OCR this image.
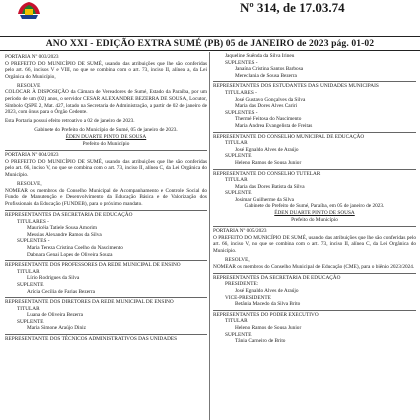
Nº 314, de 17.03.74
ANO XXI - EDIÇÃO EXTRA SUMÉ (PB) 05 de JANEIRO de 2023 pág. 01-02
PORTARIA Nº 003/2023
O PREFEITO DO MUNICÍPIO DE SUMÉ, usando das atribuições que lhe são conferidas pelo art. 66, incisos V e VIII, no que se combina com o art. 73, inciso II, alínea a, da Lei Orgânica do Município,
RESOLVE
COLOCAR À DISPOSIÇÃO da Câmara de Vereadores de Sumé, Estado da Paraíba, por um período de um (02) anos, o servidor CESAR ALEXANDRE BEZERRA DE SOUSA, Locutor, Símbolo QSPE 2, Mat. 427, lotado na Secretaria de Administração, a partir de 02 de janeiro de 2023, com ônus para o Órgão Cedente.
Esta Portaria possui efeito retroativo a 02 de janeiro de 2023.
Gabinete do Prefeito do Município de Sumé, 05 de janeiro de 2023.
ÉDEN DUARTE PINTO DE SOUSA
Prefeito do Município
PORTARIA Nº 004/2023
O PREFEITO DO MUNICÍPIO DE SUMÉ, usando das atribuições que lhe são conferidas pelo art. 66, inciso V, no que se combina com o art. 73, inciso II, alínea C, da Lei Orgânica do Município.
RESOLVE,
NOMEAR os membros do Conselho Municipal de Acompanhamento e Controle Social do Fundo de Manutenção e Desenvolvimento da Educação Básica e de Valorização dos Profissionais da Educação (FUNDEB), para o próximo mandato.
REPRESENTANTES DA SECRETARIA DE EDUCAÇÃO
TITULARES -
Mauricéia Tatiele Sousa Amorim
Messias Alexandre Ramos da Silva
SUPLENTES -
Maria Tereza Cristina Coelho do Nascimento
Dabnara Genai Lopes de Oliveira Souza
REPRESENTANTE DOS PROFESSORES DA REDE MUNICIPAL DE ENSINO
TITULAR
Lírio Rodrigues da Silva
SUPLENTE
Arícia Cecília de Farias Bezerra
REPRESENTANTE DOS DIRETORES DA REDE MUNICIPAL DE ENSINO
TITULAR
Luana de Oliveira Bezerra
SUPLENTE
Maria Simone Araújo Diniz
REPRESENTANTE DOS TÉCNICOS ADMINISTRATIVOS DAS UNIDADES
Jaqueline Suênda da Silva Irineu
SUPLENTES -
Janaína Cristina Santos Barbosa
Mereclania de Sousa Bezerra
REPRESENTANTES DOS ESTUDANTES DAS UNIDADES MUNICIPAIS
TITULARES -
José Gustavo Gonçalves da Silva
Maria das Dores Alves Cariri
SUPLENTES -
Thermé Feitosa do Nascimento
Maria Andrea Evangelista de Freitas
REPRESENTANTE DO CONSELHO MUNICIPAL DE EDUCAÇÃO
TITULAR
José Egnaldo Alves de Araújo
SUPLENTE
Heleno Ramos de Sousa Junior
REPRESENTANTE DO CONSELHO TUTELAR
TITULAR
Maria das Dores Batista da Silva
SUPLENTE
Josimar Guilherme da Silva
Gabinete do Prefeito de Sumé, Paraíba, em 05 de janeiro de 2023.
ÉDEN DUARTE PINTO DE SOUSA
Prefeito do Município
PORTARIA Nº 005/2023
O PREFEITO DO MUNICÍPIO DE SUMÉ, usando das atribuições que lhe são conferidas pelo art. 66, inciso V, no que se combina com o art. 73, inciso II, alínea C, da Lei Orgânica do Município.
RESOLVE,
NOMEAR os membros do Conselho Municipal de Educação (CME), para o biênio 2023/2024.
REPRESENTANTES DA SECRETARIA DE EDUCAÇÃO
PRESIDENTE:
José Egnaldo Alves de Araújo
VICE-PRESIDENTE
Betânia Macedo da Silva Brito
REPRESENTANTES DO PODER EXECUTIVO
TITULAR
Heleno Ramos de Sousa Junior
SUPLENTE
Tânia Carneiro de Brito
